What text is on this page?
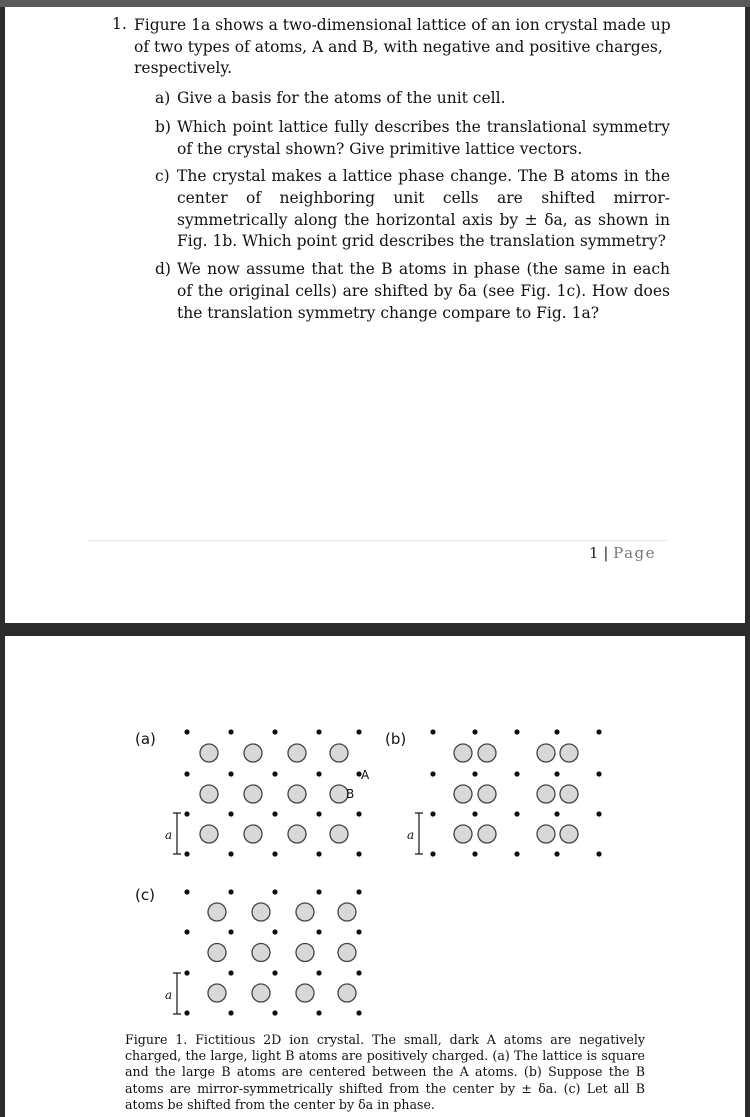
1. Figure 1a shows a two-dimensional lattice of an ion crystal made up of two types of atoms, A and B, with negative and positive charges, respectively.
a) Give a basis for the atoms of the unit cell.
b) Which point lattice fully describes the translational symmetry of the crystal shown? Give primitive lattice vectors.
c) The crystal makes a lattice phase change. The B atoms in the center of neighboring unit cells are shifted mirror-symmetrically along the horizontal axis by ± δa, as shown in Fig. 1b. Which point grid describes the translation symmetry?
d) We now assume that the B atoms in phase (the same in each of the original cells) are shifted by δa (see Fig. 1c). How does the translation symmetry change compare to Fig. 1a?
1 | Page
(a)	(b)
(c)
A
B
a	a
a
Figure 1. Fictitious 2D ion crystal. The small, dark A atoms are negatively charged, the large, light B atoms are positively charged. (a) The lattice is square and the large B atoms are centered between the A atoms. (b) Suppose the B atoms are mirror-symmetrically shifted from the center by ± δa. (c) Let all B atoms be shifted from the center by δa in phase.
